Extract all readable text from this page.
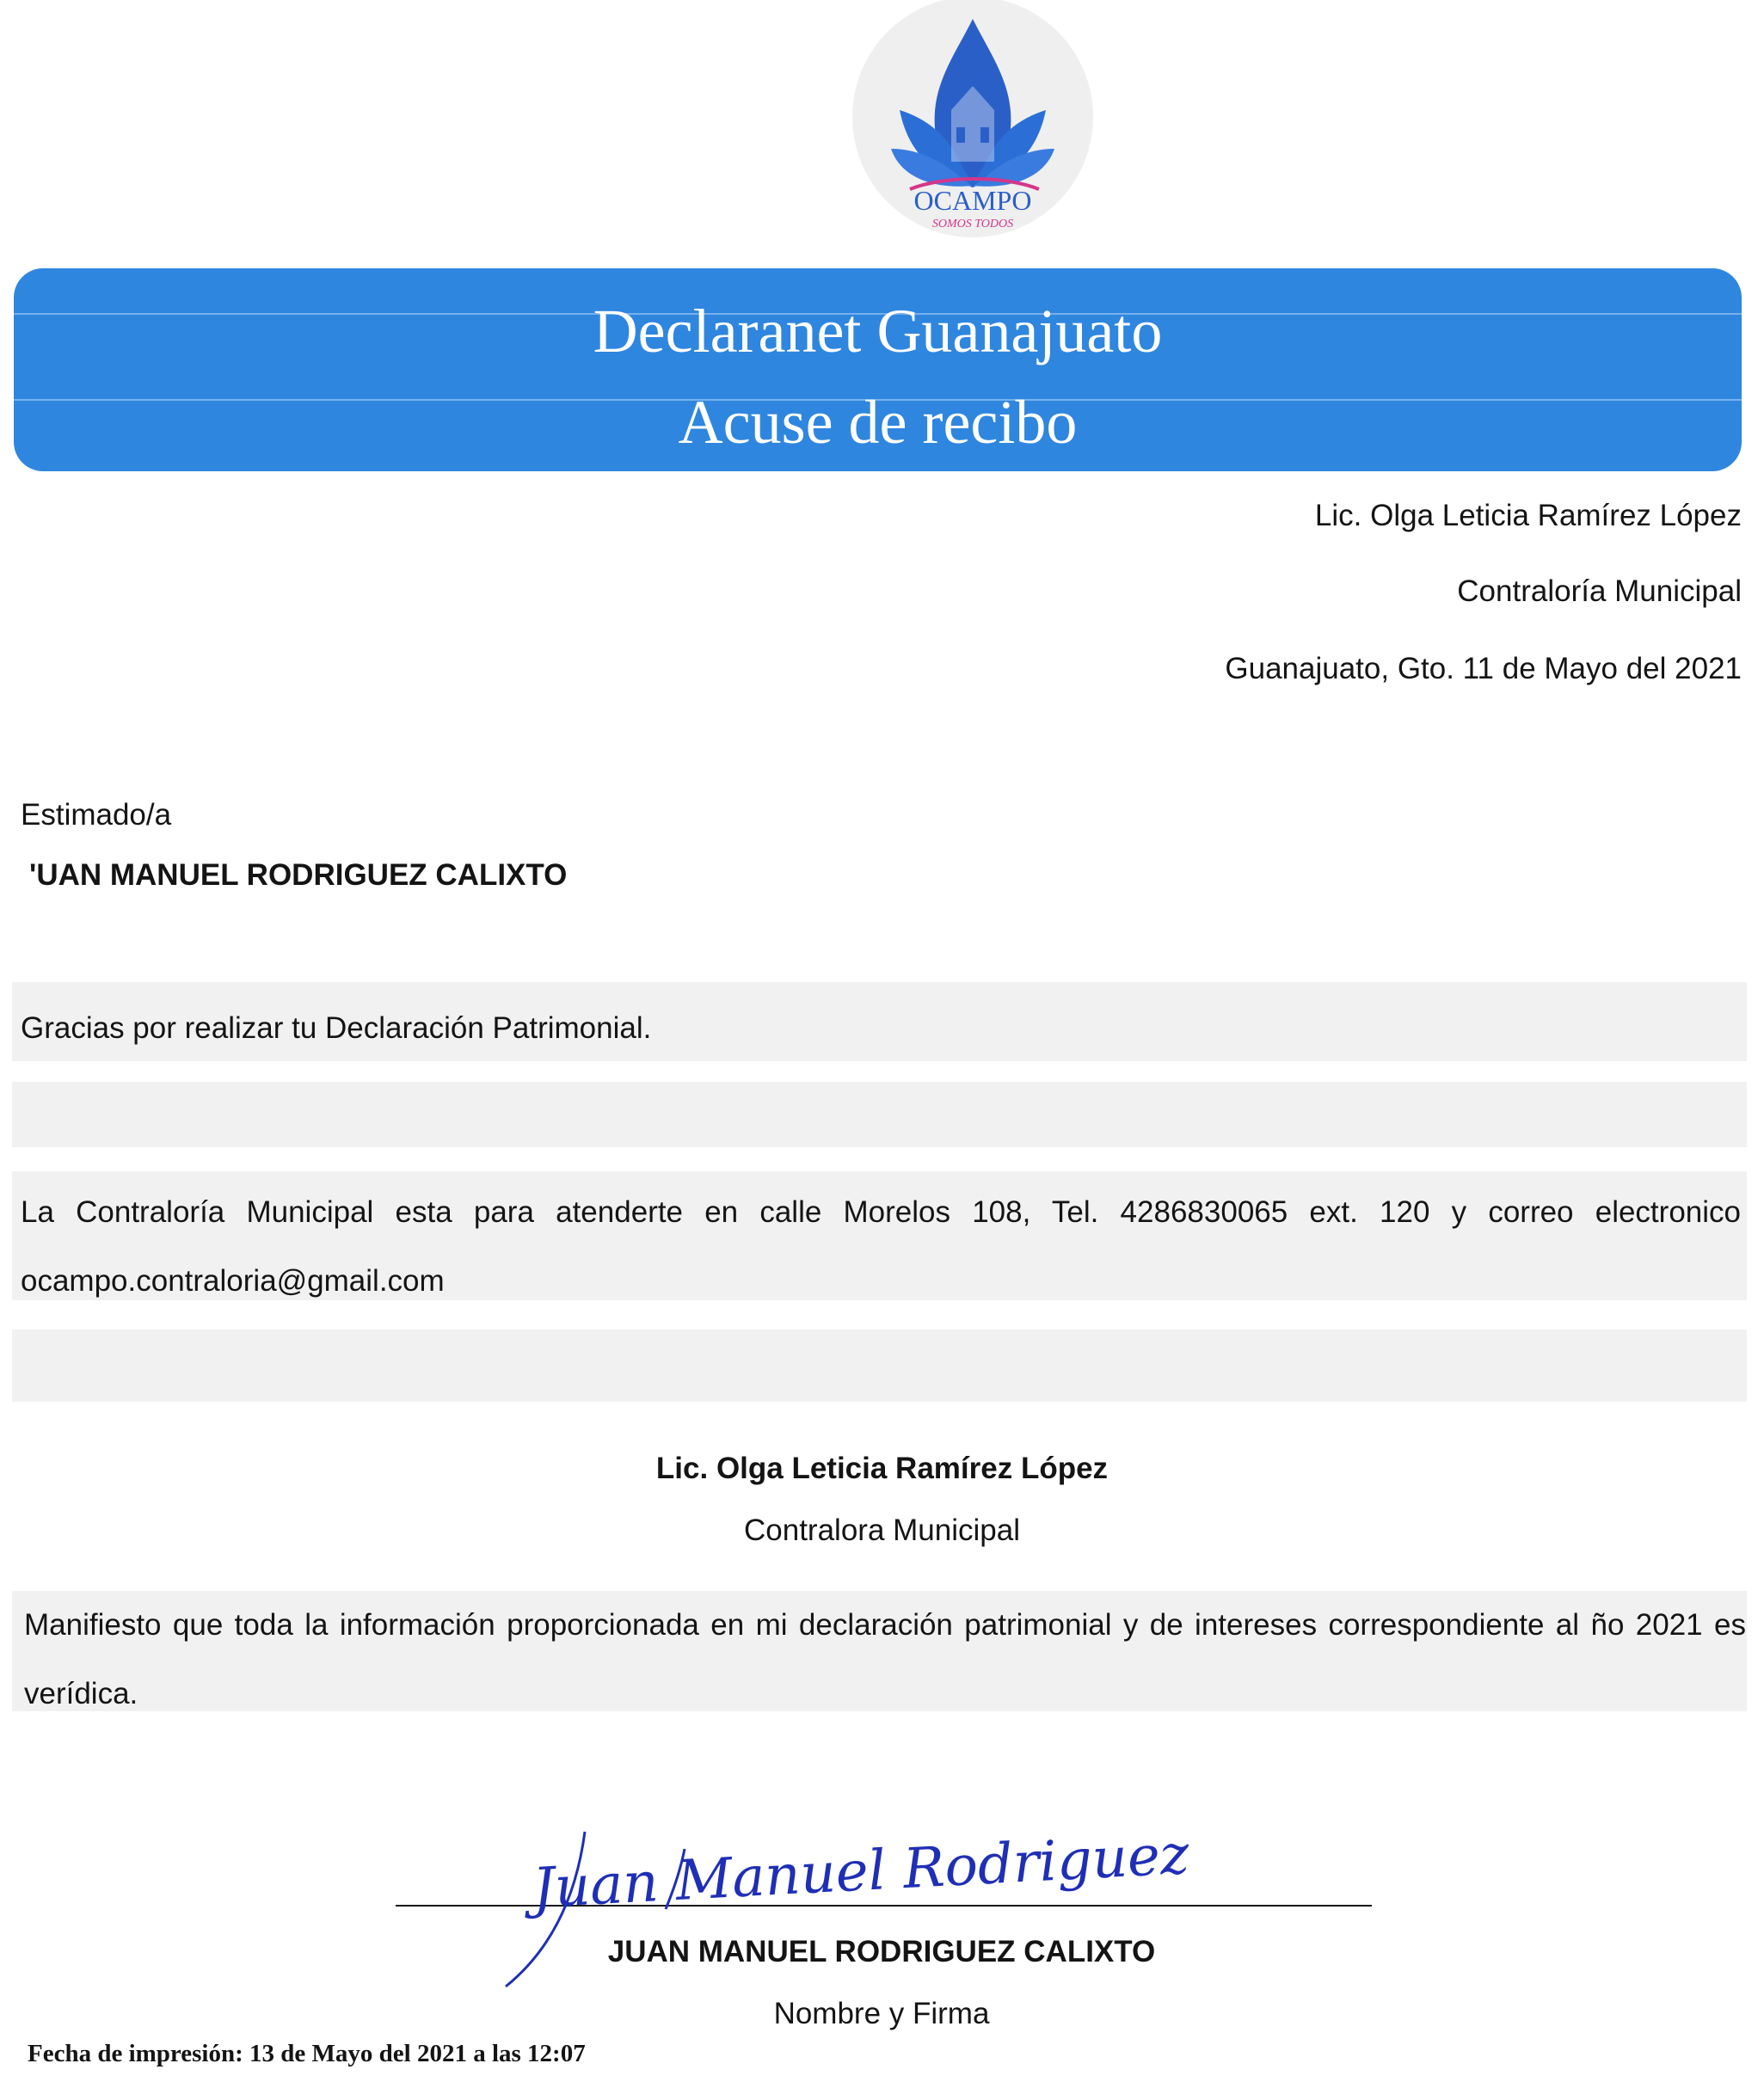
OCAMPO
SOMOS TODOS
Declaranet Guanajuato
Acuse de recibo
Lic. Olga Leticia Ramírez López
Contraloría Municipal
Guanajuato, Gto. 11 de Mayo del 2021
Estimado/a
'UAN MANUEL RODRIGUEZ CALIXTO
Gracias por realizar tu Declaración Patrimonial.
La Contraloría Municipal esta para atenderte en calle Morelos 108, Tel. 4286830065 ext. 120 y correo electronico ocampo.contraloria@gmail.com
Lic. Olga Leticia Ramírez López
Contralora Municipal
Manifiesto que toda la información proporcionada en mi declaración patrimonial y de intereses correspondiente al ño 2021 es verídica.
Juan Manuel Rodriguez
JUAN MANUEL RODRIGUEZ CALIXTO
Nombre y Firma
Fecha de impresión: 13 de Mayo del 2021 a las 12:07
